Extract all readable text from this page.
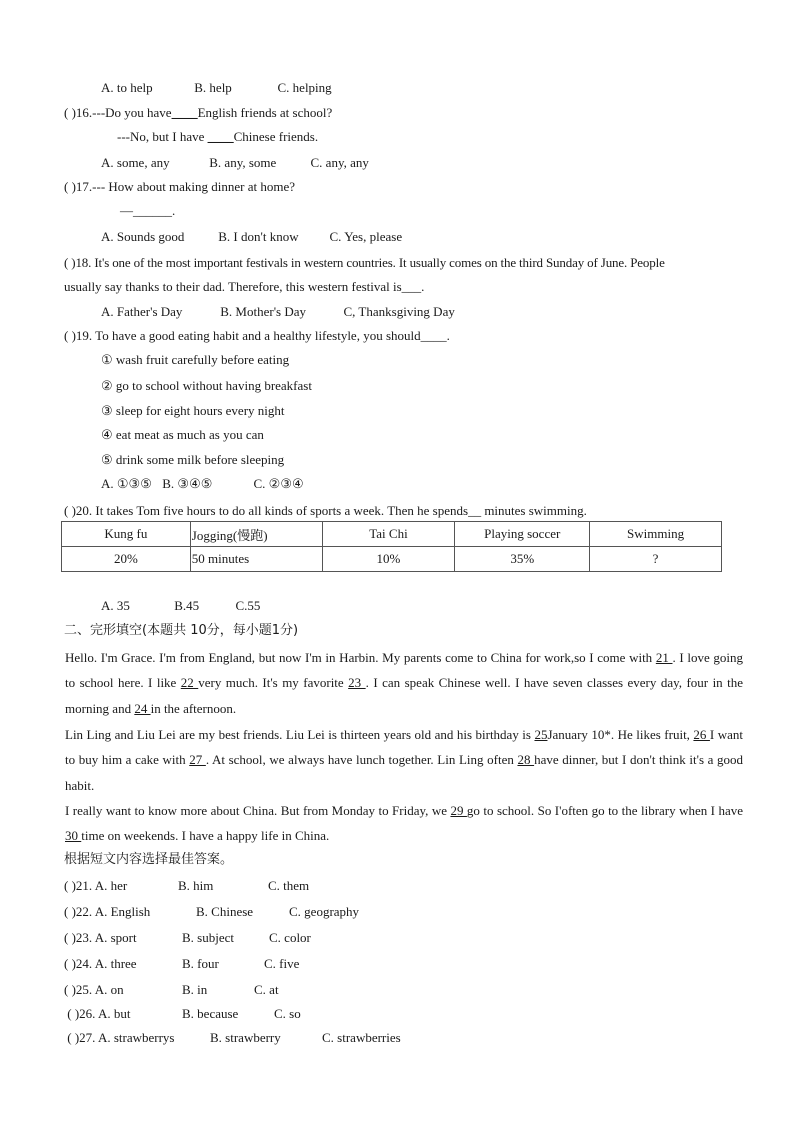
A. to help	B. help	C. helping
( )16.---Do you have____English friends at school?
---No, but I have ____Chinese friends.
A. some, any	B. any, some	C. any, any
( )17.--- How about making dinner at home?
—______.
A. Sounds good	B. I don't know C. Yes, please
( )18. It's one of the most important festivals in western countries. It usually comes on the third Sunday of June. People
usually say thanks to their dad. Therefore, this western festival is___.
A. Father's Day	B. Mother's Day	C, Thanksgiving Day
( )19. To have a good eating habit and a healthy lifestyle, you should____.
① wash fruit carefully before eating
② go to school without having breakfast
③ sleep for eight hours every night
④ eat meat as much as you can
⑤ drink some milk before sleeping
A. ①③⑤ B. ③④⑤	C. ②③④
( )20. It takes Tom five hours to do all kinds of sports a week. Then he spends__ minutes swimming.
Kung fu	Jogging(慢跑)	Tai Chi	Playing soccer	Swimming
20%	50 minutes	10%	35%	?
A. 35	B.45	C.55
二、完形填空(本题共 10分，每小题1分)
Hello. I'm Grace. I'm from England, but now I'm in Harbin. My parents come to China for work,so I come with 21 . I love going to school here. I like 22 very much. It's my favorite 23 . I can speak Chinese well. I have seven classes every day, four in the morning and 24 in the afternoon.
Lin Ling and Liu Lei are my best friends. Liu Lei is thirteen years old and his birthday is 25January 10*. He likes fruit, 26 I want to buy him a cake with 27 . At school, we always have lunch together. Lin Ling often 28 have dinner, but I don't think it's a good habit.
I really want to know more about China. But from Monday to Friday, we 29 go to school. So I'often go to the library when I have 30 time on weekends. I have a happy life in China.
根据短文内容选择最佳答案。
( )21. A. her	B. him	C. them
( )22. A. English	B. Chinese	C. geography
( )23. A. sport	B. subject	C. color
( )24. A. three	B. four	C. five
( )25. A. on	B. in	C. at
( )26. A. but	B. because	C. so
( )27. A. strawberrys	B. strawberry	C. strawberries
